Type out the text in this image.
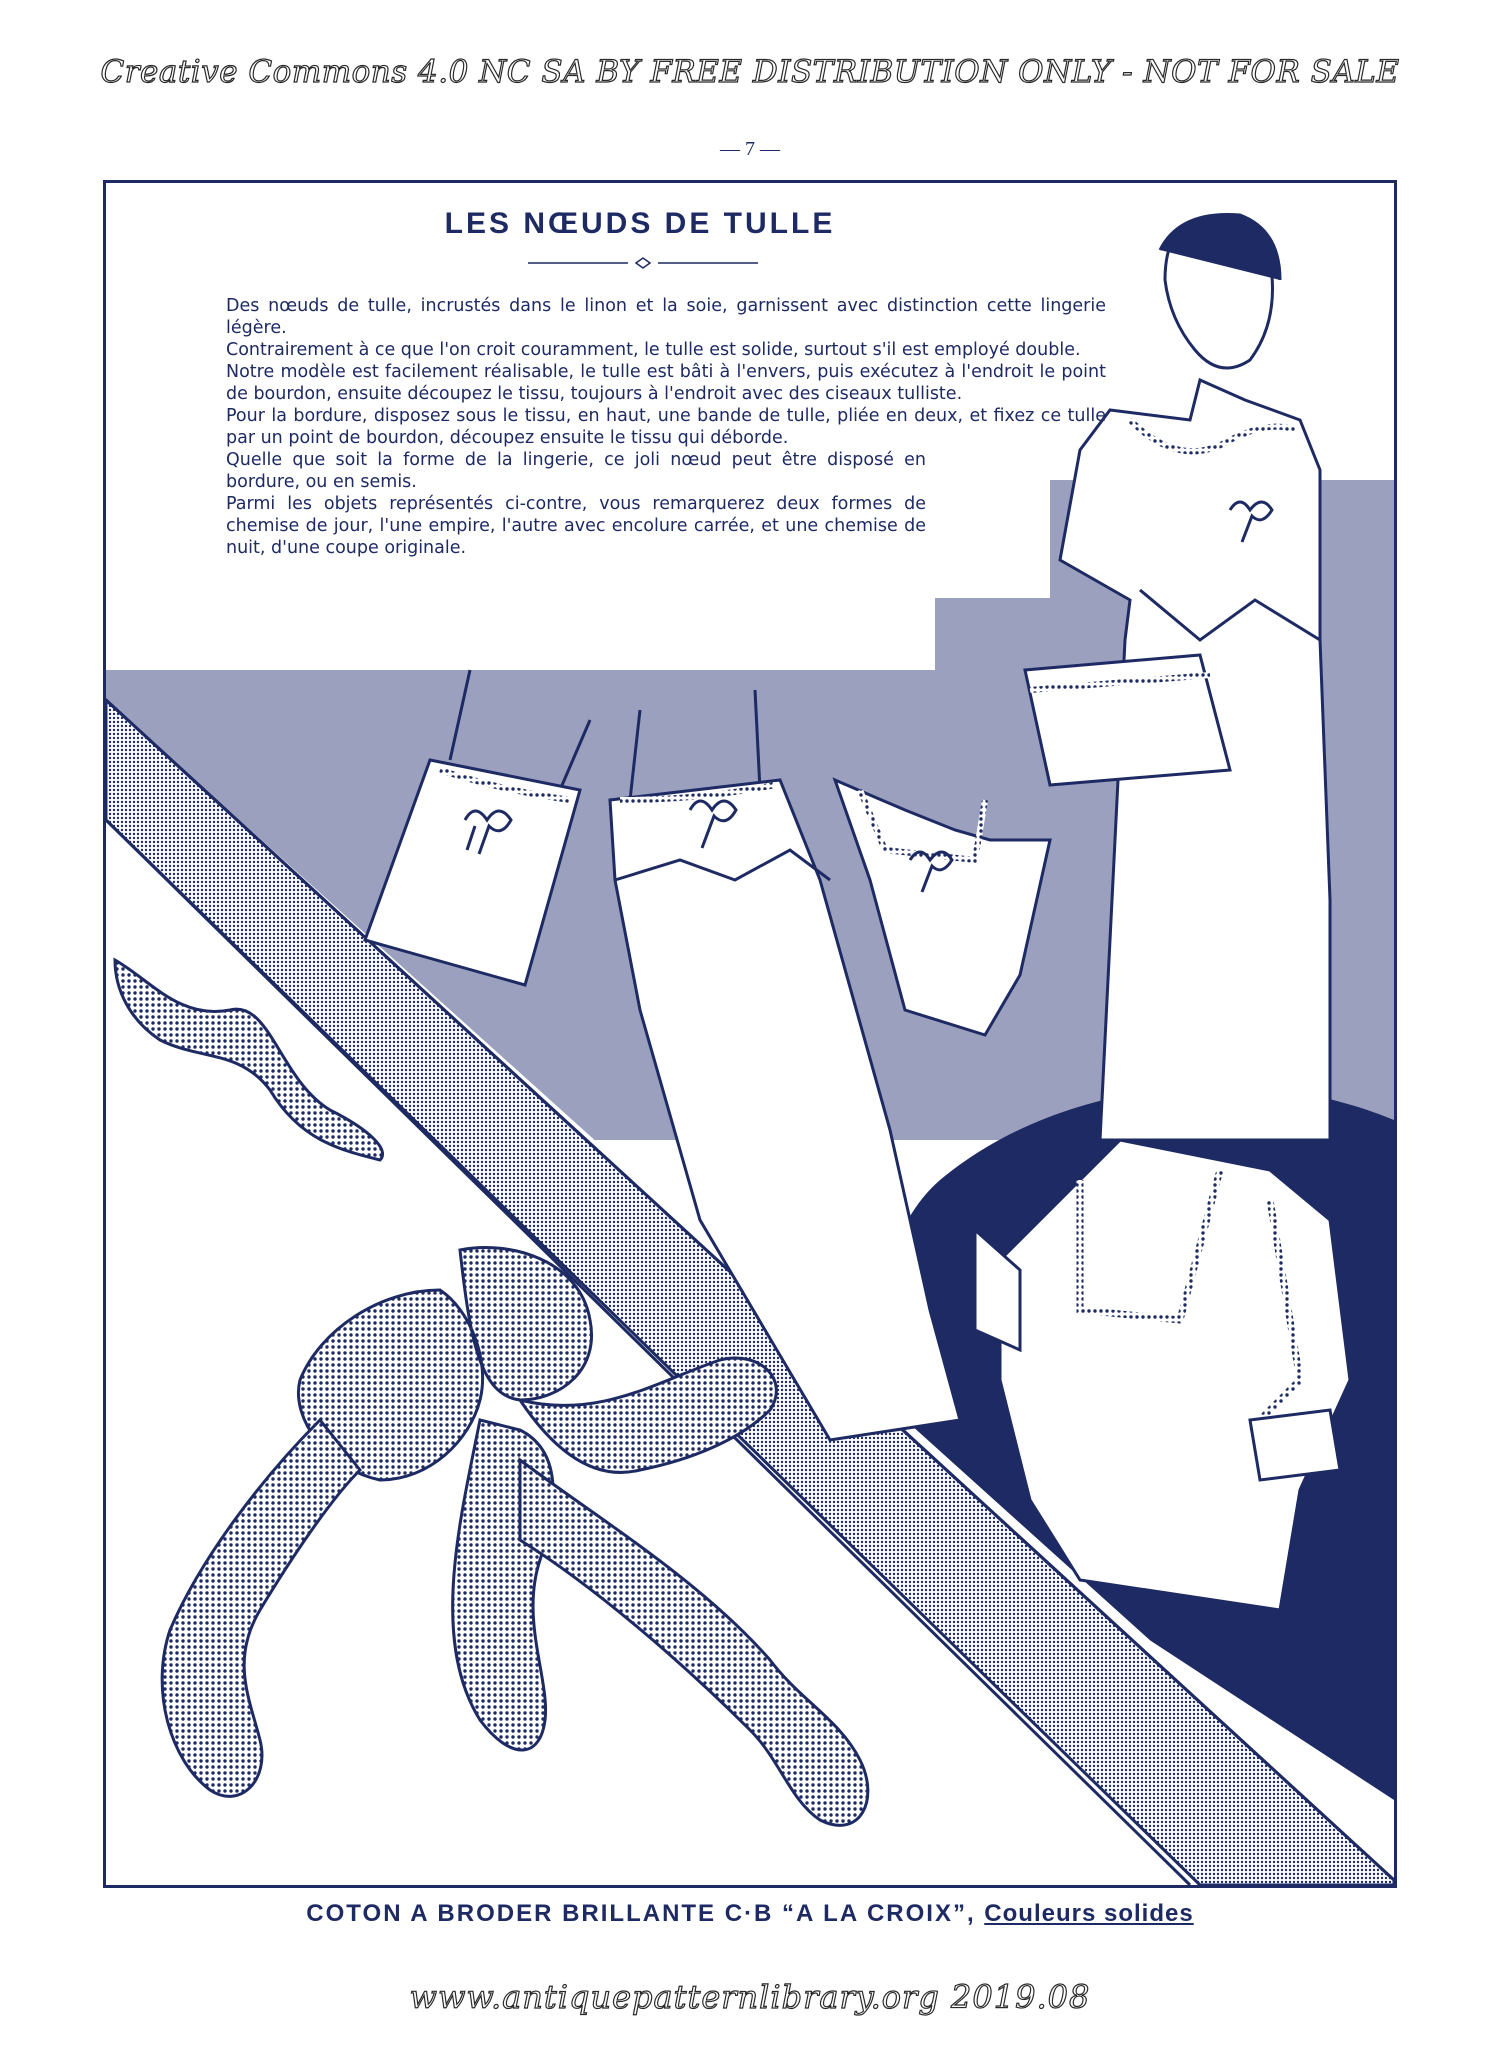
Creative Commons 4.0 NC SA BY FREE DISTRIBUTION ONLY - NOT FOR SALE
— 7 —
LES NŒUDS DE TULLE

Des nœuds de tulle, incrustés dans le linon et la soie, garnissent avec distinction cette lingerie légère.

Contrairement à ce que l'on croit couramment, le tulle est solide, surtout s'il est employé double.

Notre modèle est facilement réalisable, le tulle est bâti à l'envers, puis exécutez à l'endroit le point de bourdon, ensuite découpez le tissu, toujours à l'endroit avec des ciseaux tulliste.

Pour la bordure, disposez sous le tissu, en haut, une bande de tulle, pliée en deux, et fixez ce tulle par un point de bourdon, découpez ensuite le tissu qui déborde.

Quelle que soit la forme de la lingerie, ce joli nœud peut être disposé en bordure, ou en semis.

Parmi les objets représentés ci-contre, vous remarquerez deux formes de chemise de jour, l'une empire, l'autre avec encolure carrée, et une chemise de nuit, d'une coupe originale.

COTON A BRODER BRILLANTE C·B “A LA CROIX”, Couleurs solides
www.antiquepatternlibrary.org 2019.08
